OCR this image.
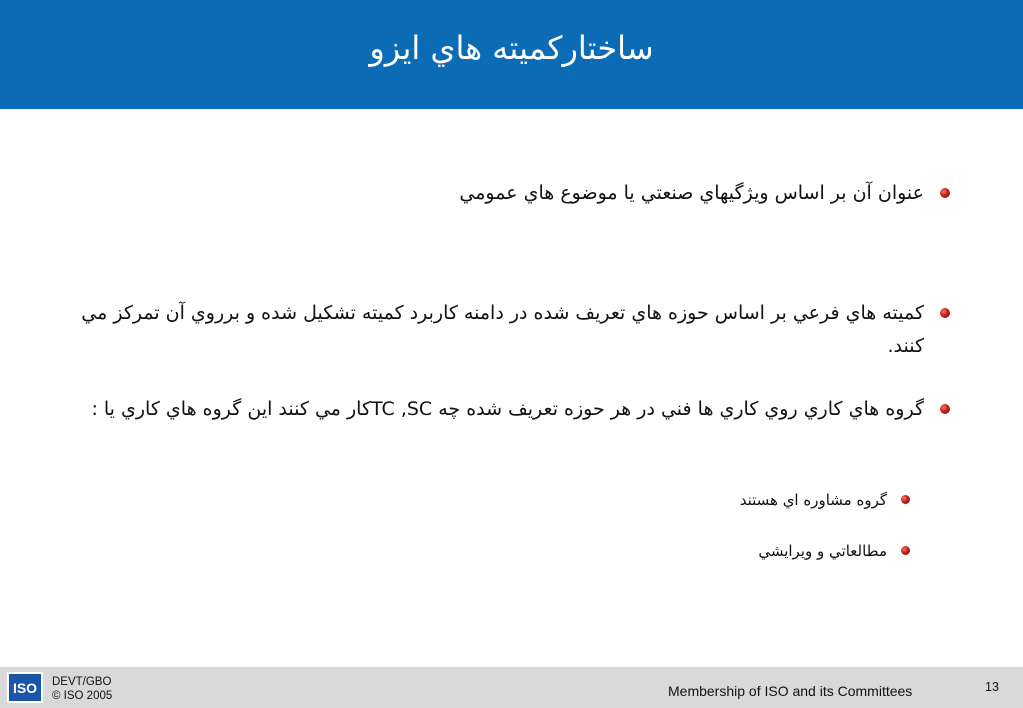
ساختاركميته هاي ايزو
عنوان آن بر اساس ويژگيهاي صنعتي يا موضوع هاي عمومي
كميته هاي فرعي بر اساس حوزه هاي تعريف شده در دامنه كاربرد كميته تشكيل شده و برروي آن تمركز مي كنند.
گروه هاي كاري روي كاري ها فني در هر حوزه تعريف شده چه TC ,SCكار مي كنند اين گروه هاي كاري يا :
گروه مشاوره اي هستند
مطالعاتي و ويرايشي
ISO	DEVT/GBO
© ISO 2005	Membership of ISO and its Committees	13
